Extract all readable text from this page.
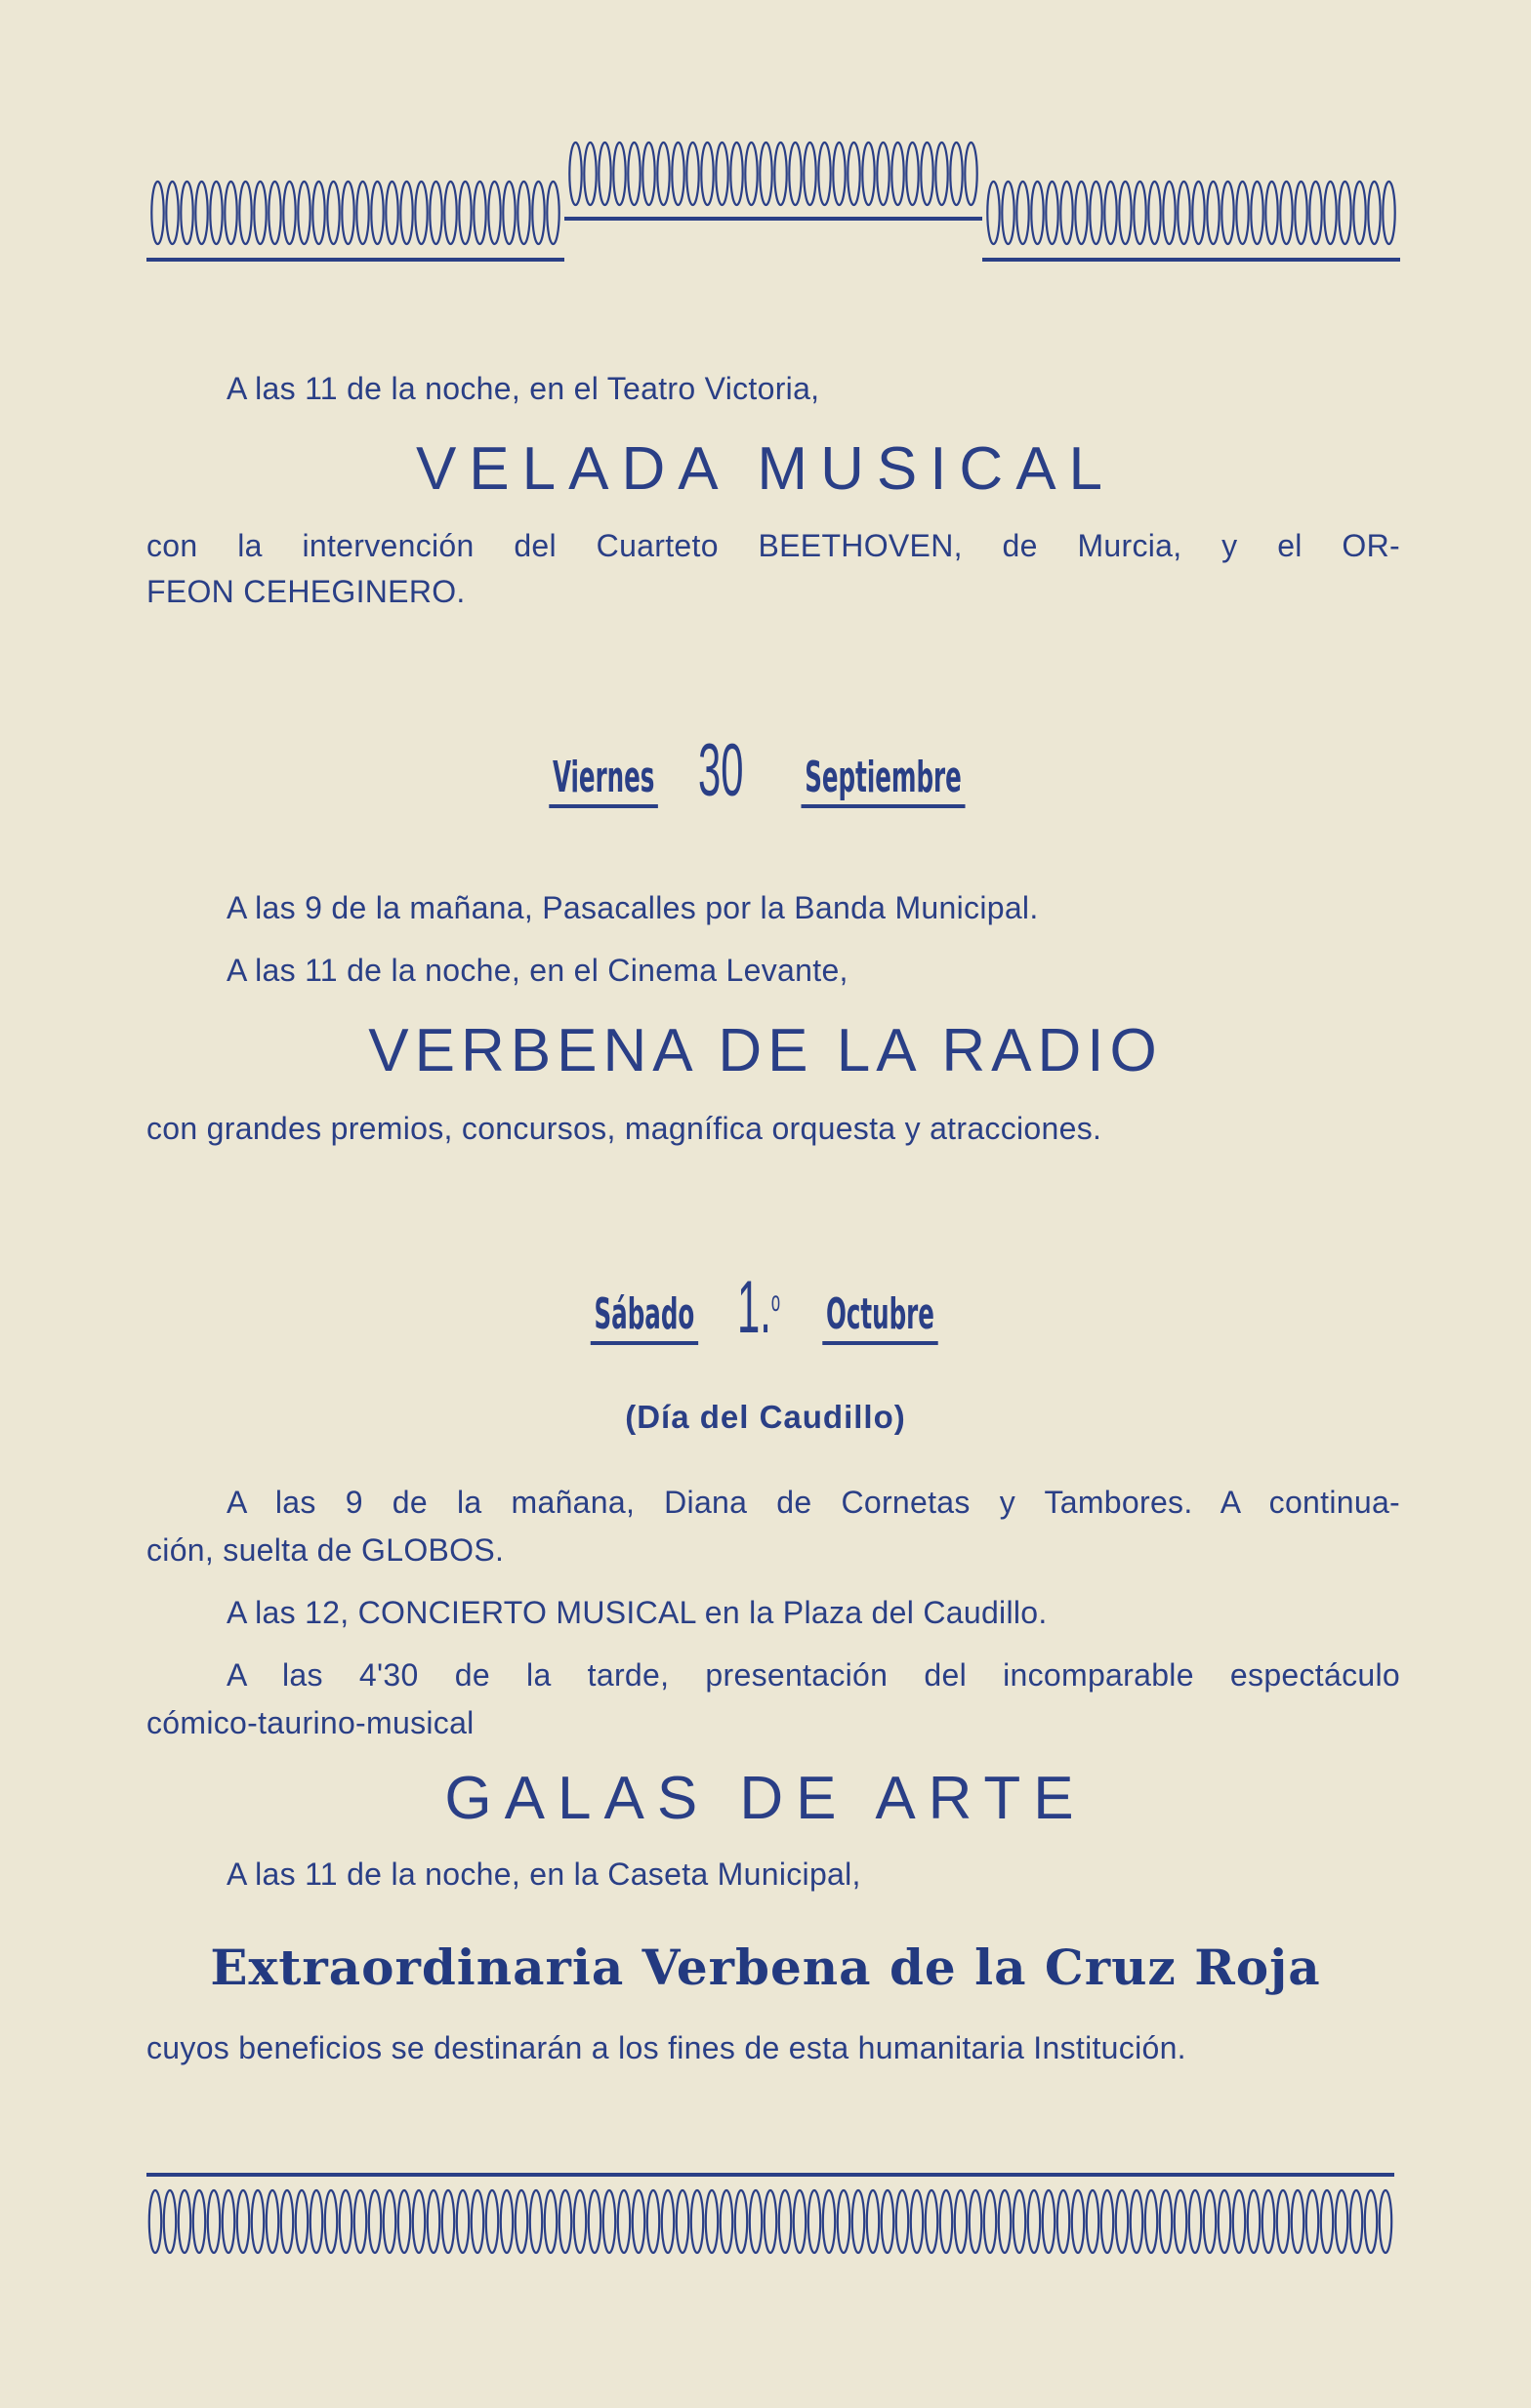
A las 11 de la noche, en el Teatro Victoria,
VELADA MUSICAL
con la intervención del Cuarteto BEETHOVEN, de Murcia, y el OR-
FEON CEHEGINERO.
Viernes 30 Septiembre
A las 9 de la mañana, Pasacalles por la Banda Municipal.
A las 11 de la noche, en el Cinema Levante,
VERBENA DE LA RADIO
con grandes premios, concursos, magnífica orquesta y atracciones.
Sábado 1.$^o$ Octubre
(Día del Caudillo)
A las 9 de la mañana, Diana de Cornetas y Tambores. A continua-
ción, suelta de GLOBOS.
A las 12, CONCIERTO MUSICAL en la Plaza del Caudillo.
A las 4'30 de la tarde, presentación del incomparable espectáculo
cómico-taurino-musical
GALAS DE ARTE
A las 11 de la noche, en la Caseta Municipal,
Extraordinaria Verbena de la Cruz Roja
cuyos beneficios se destinarán a los fines de esta humanitaria Institución.
